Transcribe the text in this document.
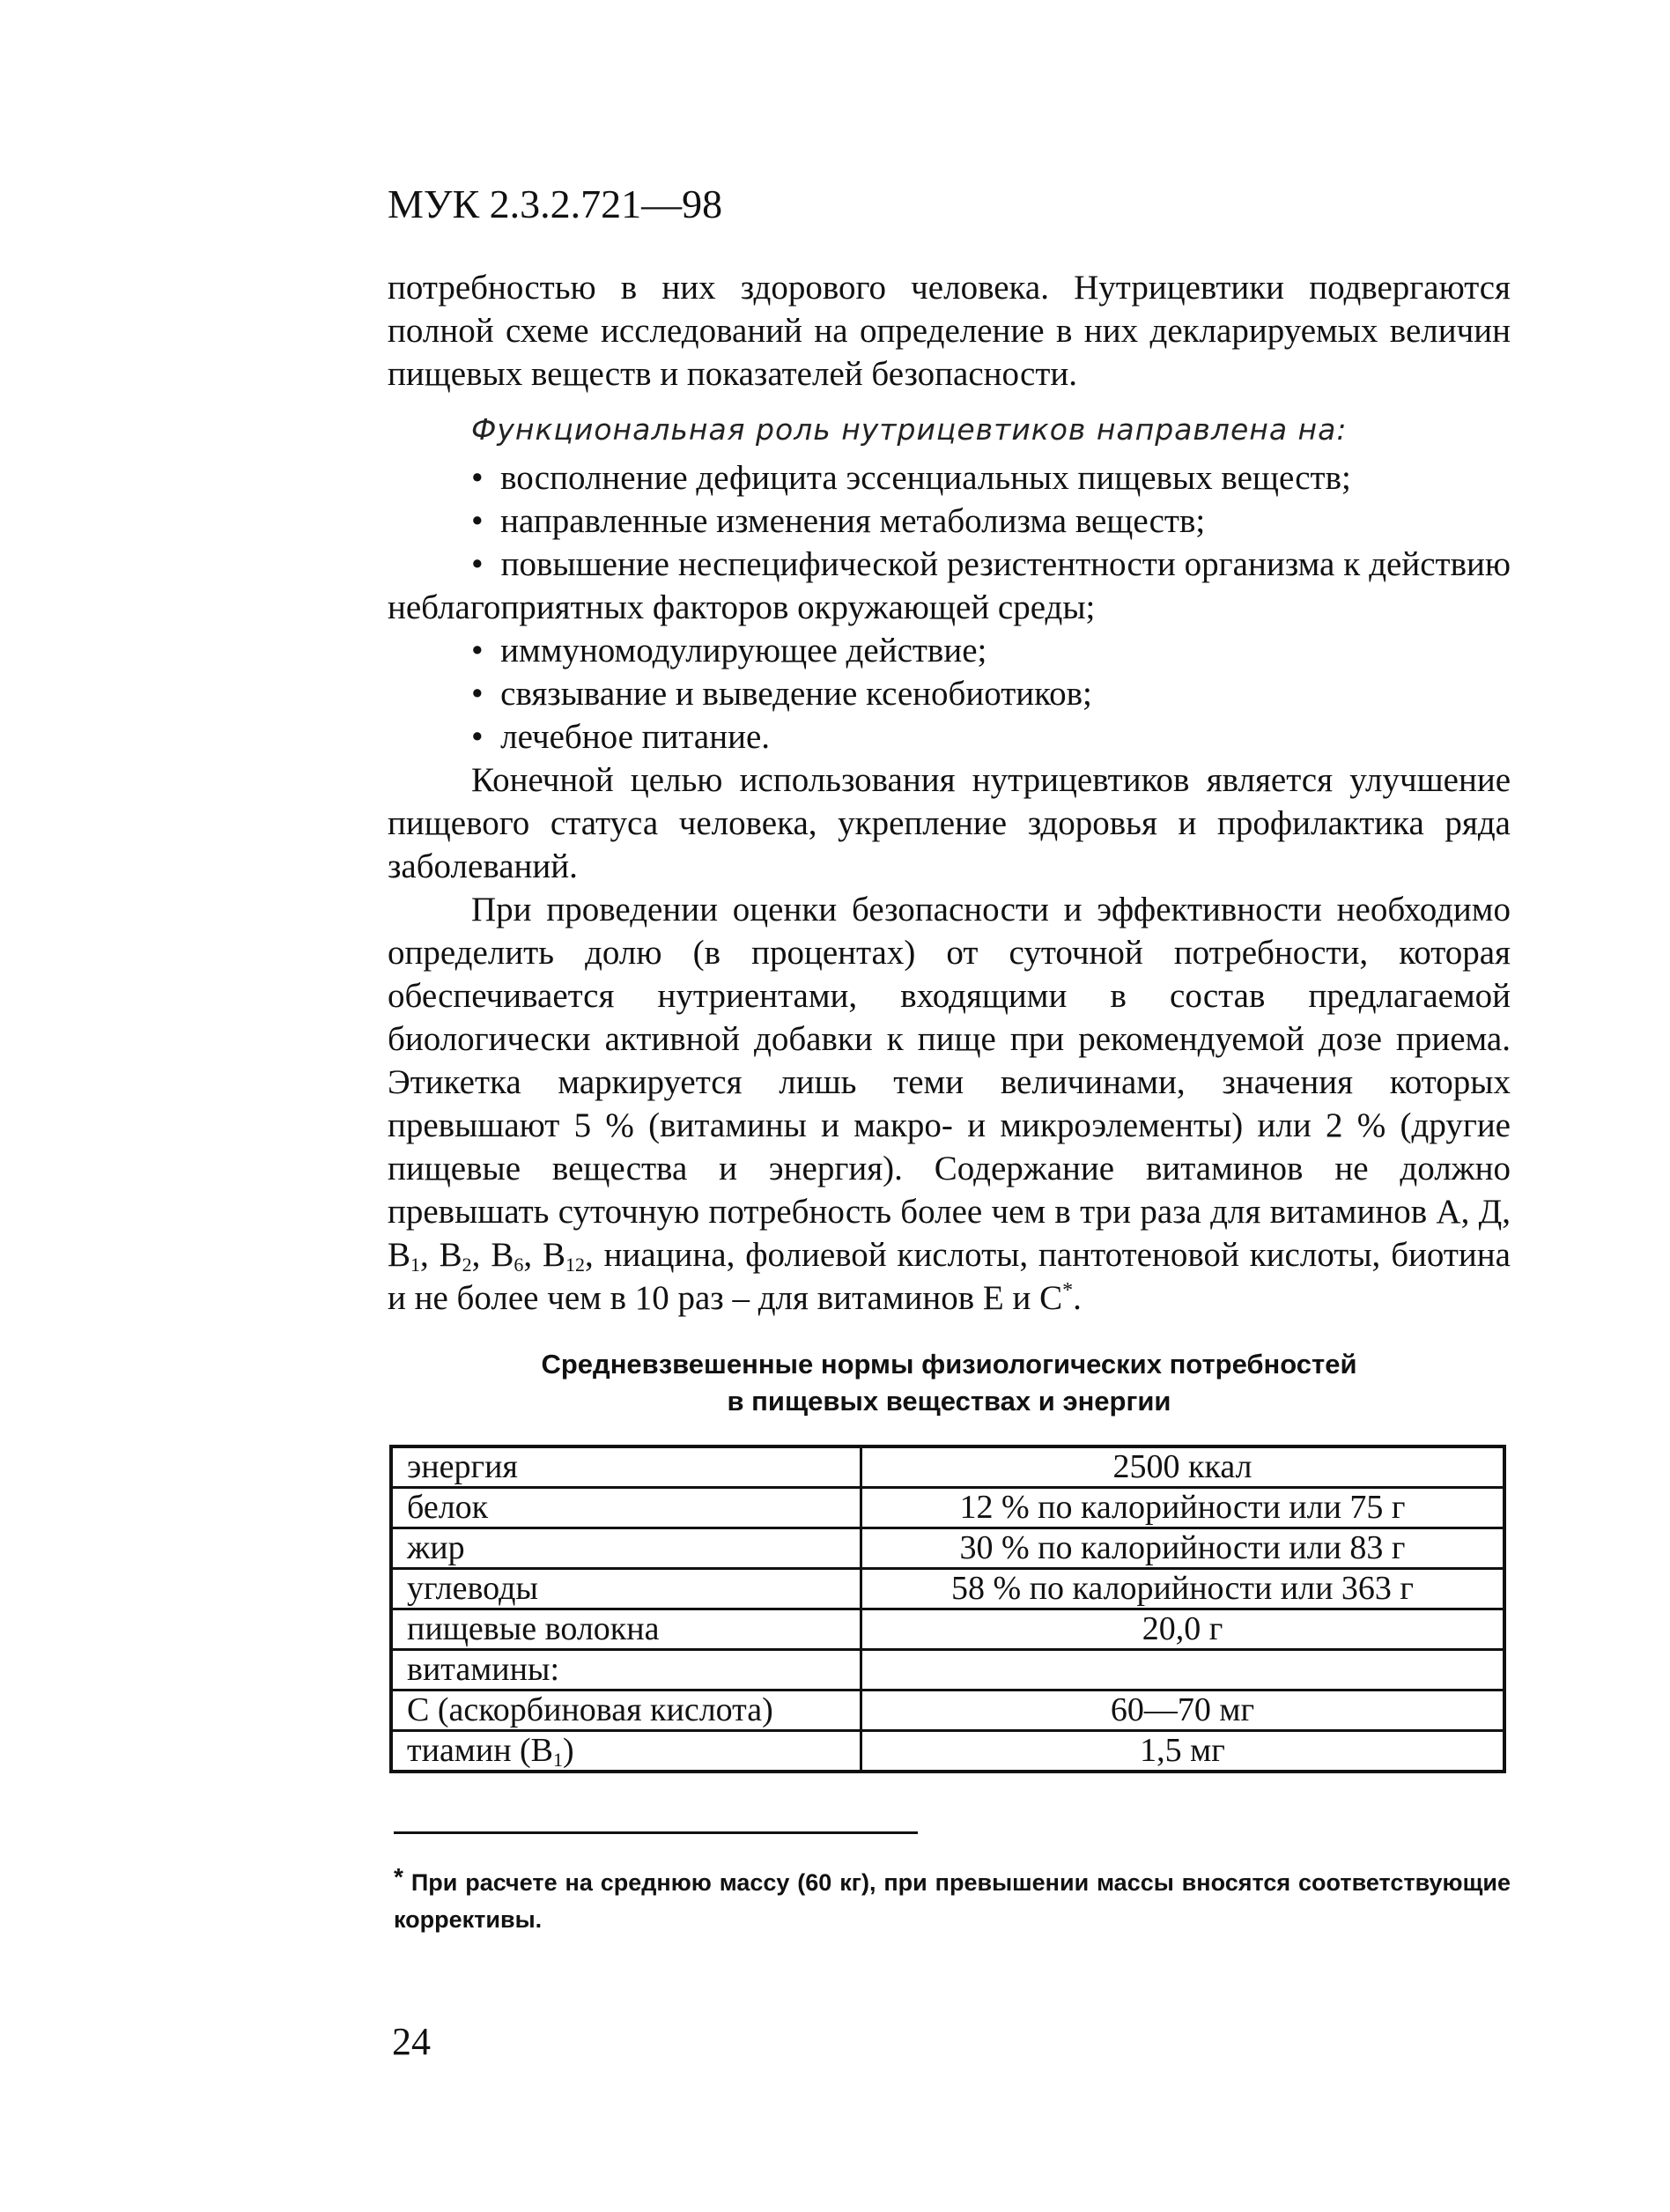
МУК 2.3.2.721—98

потребностью в них здорового человека. Нутрицевтики подвергаются полной схеме исследований на определение в них декларируемых величин пищевых веществ и показателей безопасности.

Функциональная роль нутрицевтиков направлена на:

•  восполнение дефицита эссенциальных пищевых веществ;

•  направленные изменения метаболизма веществ;

•  повышение неспецифической резистентности организма к действию неблагоприятных факторов окружающей среды;

•  иммуномодулирующее действие;

•  связывание и выведение ксенобиотиков;

•  лечебное питание.

Конечной целью использования нутрицевтиков является улучшение пищевого статуса человека, укрепление здоровья и профилактика ряда заболеваний.

При проведении оценки безопасности и эффективности необходимо определить долю (в процентах) от суточной потребности, которая обеспечивается нутриентами, входящими в состав предлагаемой биологически активной добавки к пище при рекомендуемой дозе приема. Этикетка маркируется лишь теми величинами, значения которых превышают 5 % (витамины и макро- и микроэлементы) или 2 % (другие пищевые вещества и энергия). Содержание витаминов не должно превышать суточную потребность более чем в три раза для витаминов А, Д, $В_1$, $В_2$, $В_6$, $В_{12}$, ниацина, фолиевой кислоты, пантотеновой кислоты, биотина и не более чем в 10 раз – для витаминов Е и С*.

Средневзвешенные нормы физиологических потребностей
в пищевых веществах и энергии
энергия	2500 ккал
белок	12 % по калорийности или 75 г
жир	30 % по калорийности или 83 г
углеводы	58 % по калорийности или 363 г
пищевые волокна	20,0 г
витамины:	
С (аскорбиновая кислота)	60—70 мг
тиамин $(В_1)$	1,5 мг
* При расчете на среднюю массу (60 кг), при превышении массы вносятся соответствующие коррективы.
24
